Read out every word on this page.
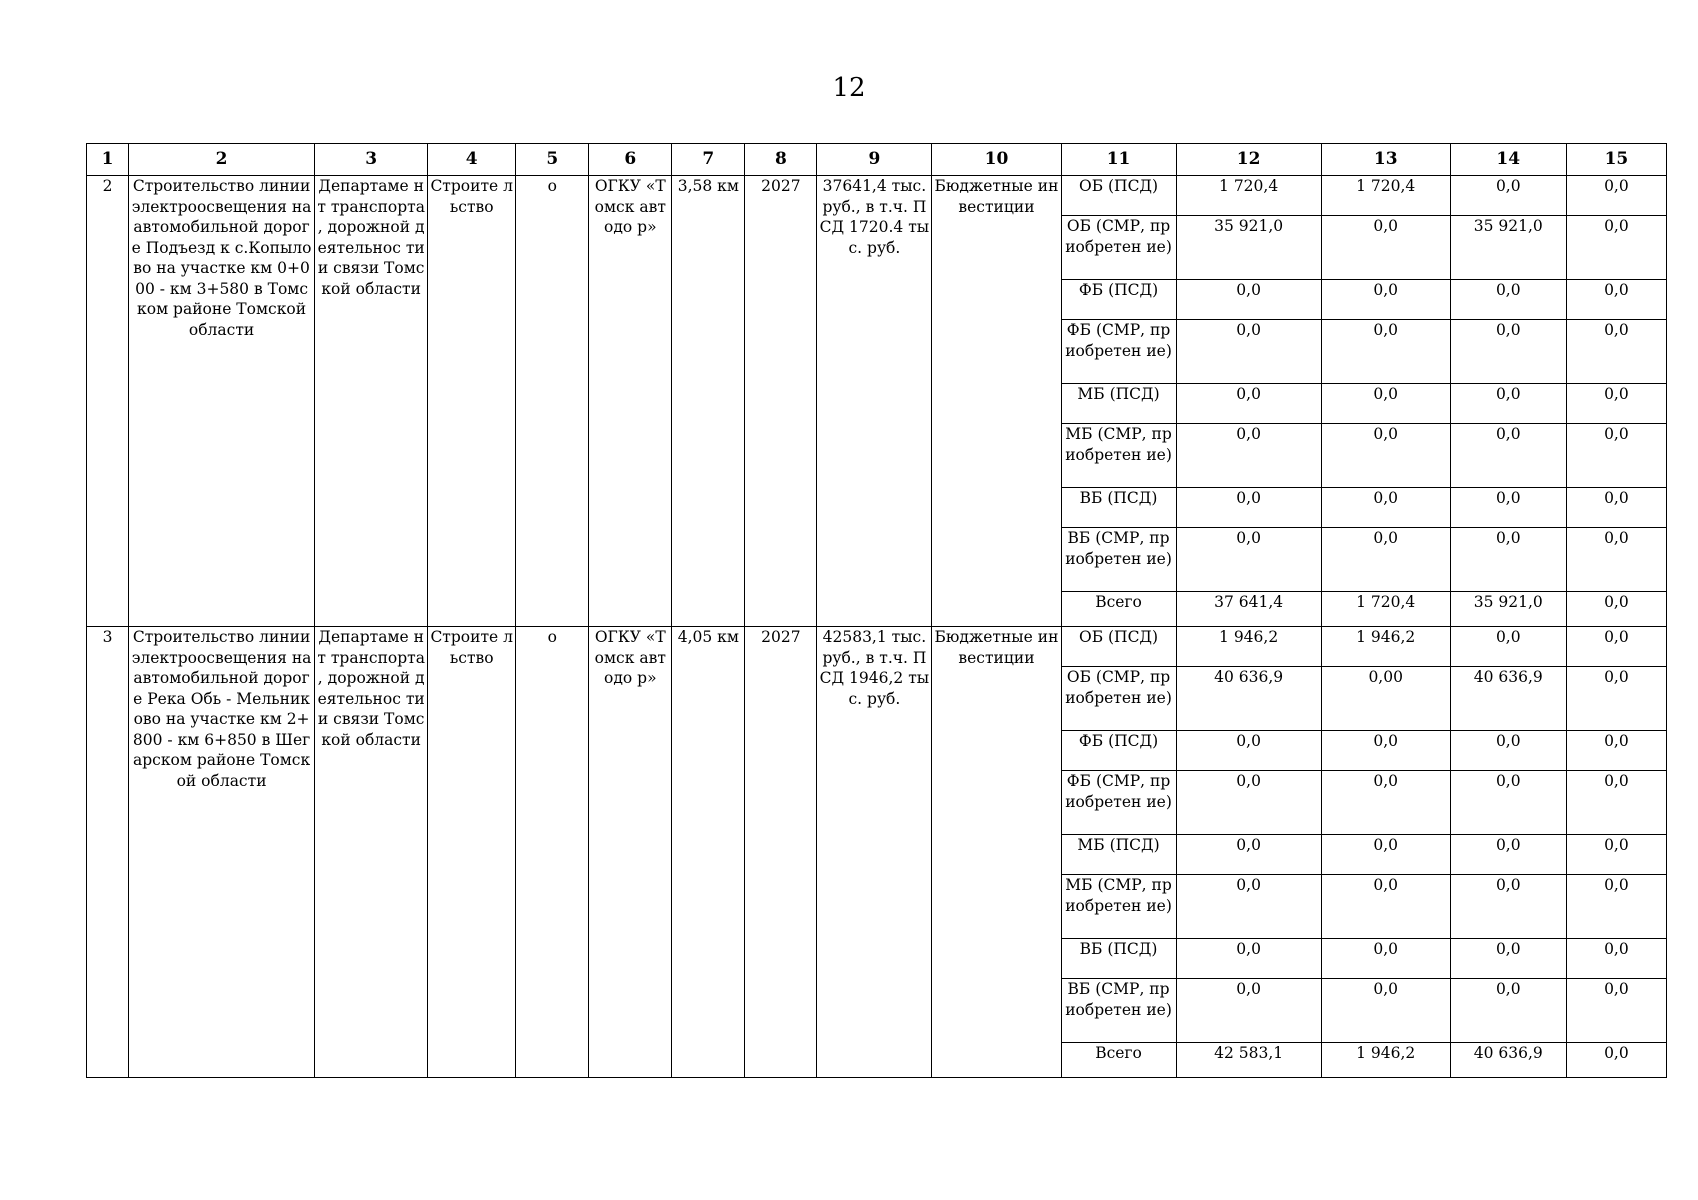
12
1	2	3	4	5	6	7	8	9	10	11	12	13	14	15
2	Строительство линии электроосвещения на автомобильной дороге Подъезд к с.Копылово на участке км 0+000 - км 3+580 в Томском районе Томской области	Департаме нт транспорта , дорожной деятельнос ти и связи Томской области	Строите льство	о	ОГКУ «Томск автодо р»	3,58 км	2027	37641,4 тыс. руб., в т.ч. ПСД 1720.4 тыс. руб.	Бюджетные инвестиции	ОБ (ПСД)	1 720,4	1 720,4	0,0	0,0
										ОБ (СМР, приобретен ие)	35 921,0	0,0	35 921,0	0,0
										ФБ (ПСД)	0,0	0,0	0,0	0,0
										ФБ (СМР, приобретен ие)	0,0	0,0	0,0	0,0
										МБ (ПСД)	0,0	0,0	0,0	0,0
										МБ (СМР, приобретен ие)	0,0	0,0	0,0	0,0
										ВБ (ПСД)	0,0	0,0	0,0	0,0
										ВБ (СМР, приобретен ие)	0,0	0,0	0,0	0,0
										Всего	37 641,4	1 720,4	35 921,0	0,0
3	Строительство линии электроосвещения на автомобильной дороге Река Обь - Мельниково на участке км 2+800 - км 6+850 в Шегарском районе Томской области	Департаме нт транспорта , дорожной деятельнос ти и связи Томской области	Строите льство	о	ОГКУ «Томск автодо р»	4,05 км	2027	42583,1 тыс. руб., в т.ч. ПСД 1946,2 тыс. руб.	Бюджетные инвестиции	ОБ (ПСД)	1 946,2	1 946,2	0,0	0,0
										ОБ (СМР, приобретен ие)	40 636,9	0,00	40 636,9	0,0
										ФБ (ПСД)	0,0	0,0	0,0	0,0
										ФБ (СМР, приобретен ие)	0,0	0,0	0,0	0,0
										МБ (ПСД)	0,0	0,0	0,0	0,0
										МБ (СМР, приобретен ие)	0,0	0,0	0,0	0,0
										ВБ (ПСД)	0,0	0,0	0,0	0,0
										ВБ (СМР, приобретен ие)	0,0	0,0	0,0	0,0
										Всего	42 583,1	1 946,2	40 636,9	0,0
